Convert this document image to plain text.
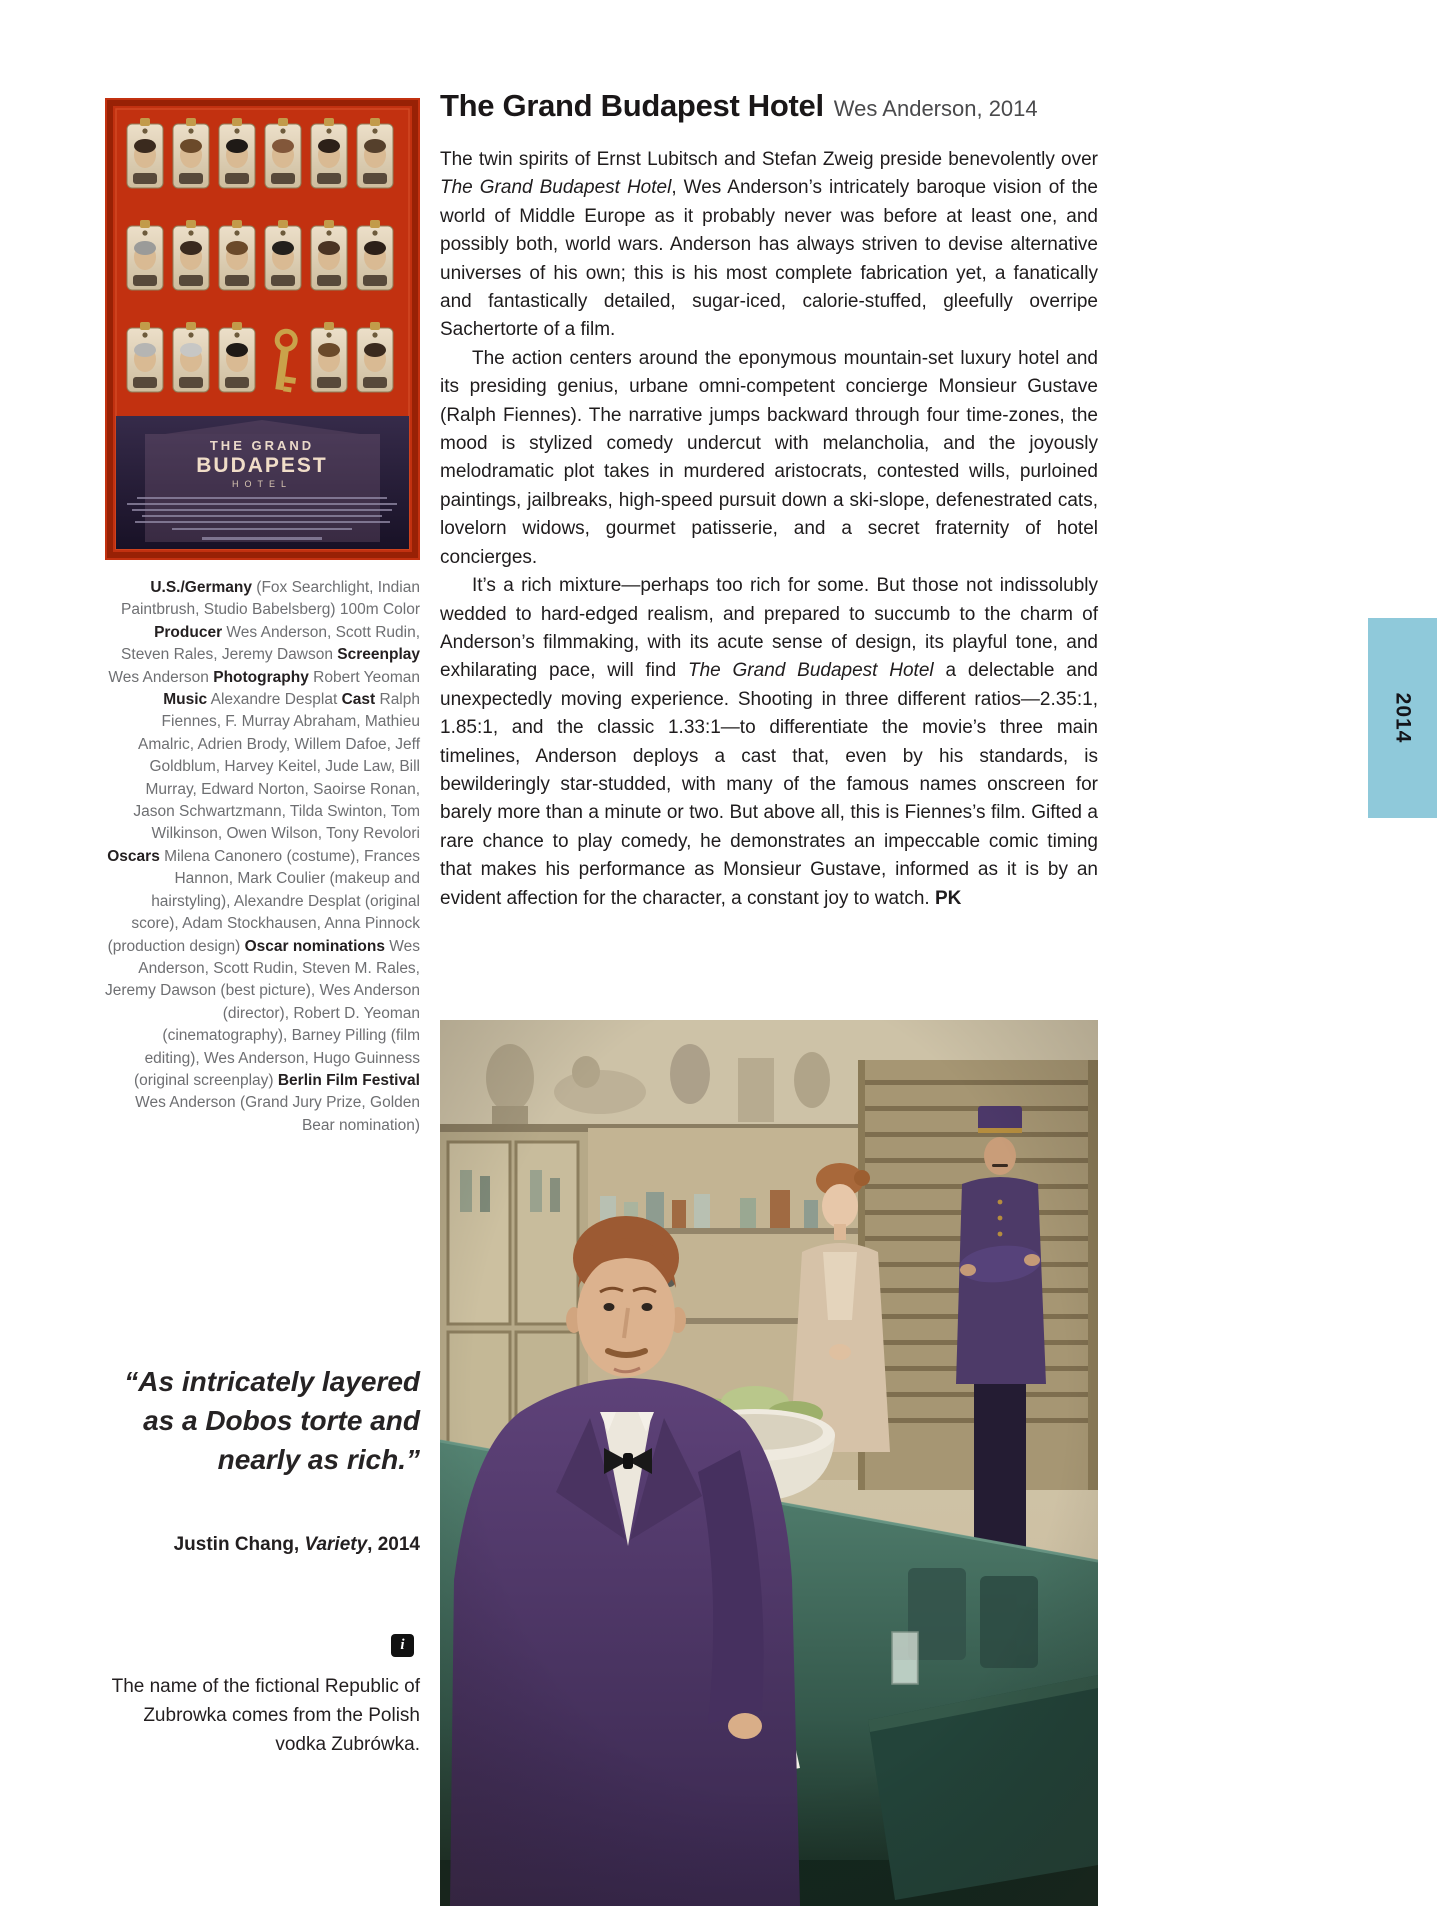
THE GRAND
BUDAPEST
HOTEL
U.S./Germany (Fox Searchlight, Indian Paintbrush, Studio Babelsberg) 100m Color Producer Wes Anderson, Scott Rudin, Steven Rales, Jeremy Dawson Screenplay Wes Anderson Photography Robert Yeoman Music Alexandre Desplat Cast Ralph Fiennes, F. Murray Abraham, Mathieu Amalric, Adrien Brody, Willem Dafoe, Jeff Goldblum, Harvey Keitel, Jude Law, Bill Murray, Edward Norton, Saoirse Ronan, Jason Schwartzmann, Tilda Swinton, Tom Wilkinson, Owen Wilson, Tony Revolori Oscars Milena Canonero (costume), Frances Hannon, Mark Coulier (makeup and hairstyling), Alexandre Desplat (original score), Adam Stockhausen, Anna Pinnock (production design) Oscar nominations Wes Anderson, Scott Rudin, Steven M. Rales, Jeremy Dawson (best picture), Wes Anderson (director), Robert D. Yeoman (cinematography), Barney Pilling (film editing), Wes Anderson, Hugo Guinness (original screenplay) Berlin Film Festival Wes Anderson (Grand Jury Prize, Golden Bear nomination)
“As intricately layered as a Dobos torte and nearly as rich.”
Justin Chang, Variety, 2014
i
The name of the fictional Republic of Zubrowka comes from the Polish vodka Zubrówka.
The Grand Budapest Hotel Wes Anderson, 2014

The twin spirits of Ernst Lubitsch and Stefan Zweig preside benevolently over The Grand Budapest Hotel, Wes Anderson’s intricately baroque vision of the world of Middle Europe as it probably never was before at least one, and possibly both, world wars. Anderson has always striven to devise alternative universes of his own; this is his most complete fabrication yet, a fanatically and fantastically detailed, sugar-iced, calorie-stuffed, gleefully overripe Sachertorte of a film.

The action centers around the eponymous mountain-set luxury hotel and its presiding genius, urbane omni-competent concierge Monsieur Gustave (Ralph Fiennes). The narrative jumps backward through four time-zones, the mood is stylized comedy undercut with melancholia, and the joyously melodramatic plot takes in murdered aristocrats, contested wills, purloined paintings, jailbreaks, high-speed pursuit down a ski-slope, defenestrated cats, lovelorn widows, gourmet patisserie, and a secret fraternity of hotel concierges.

It’s a rich mixture—perhaps too rich for some. But those not indissolubly wedded to hard-edged realism, and prepared to succumb to the charm of Anderson’s filmmaking, with its acute sense of design, its playful tone, and exhilarating pace, will find The Grand Budapest Hotel a delectable and unexpectedly moving experience. Shooting in three different ratios—2.35:1, 1.85:1, and the classic 1.33:1—to differentiate the movie’s three main timelines, Anderson deploys a cast that, even by his standards, is bewilderingly star-studded, with many of the famous names onscreen for barely more than a minute or two. But above all, this is Fiennes’s film. Gifted a rare chance to play comedy, he demonstrates an impeccable comic timing that makes his performance as Monsieur Gustave, informed as it is by an evident affection for the character, a constant joy to watch. PK

2014
